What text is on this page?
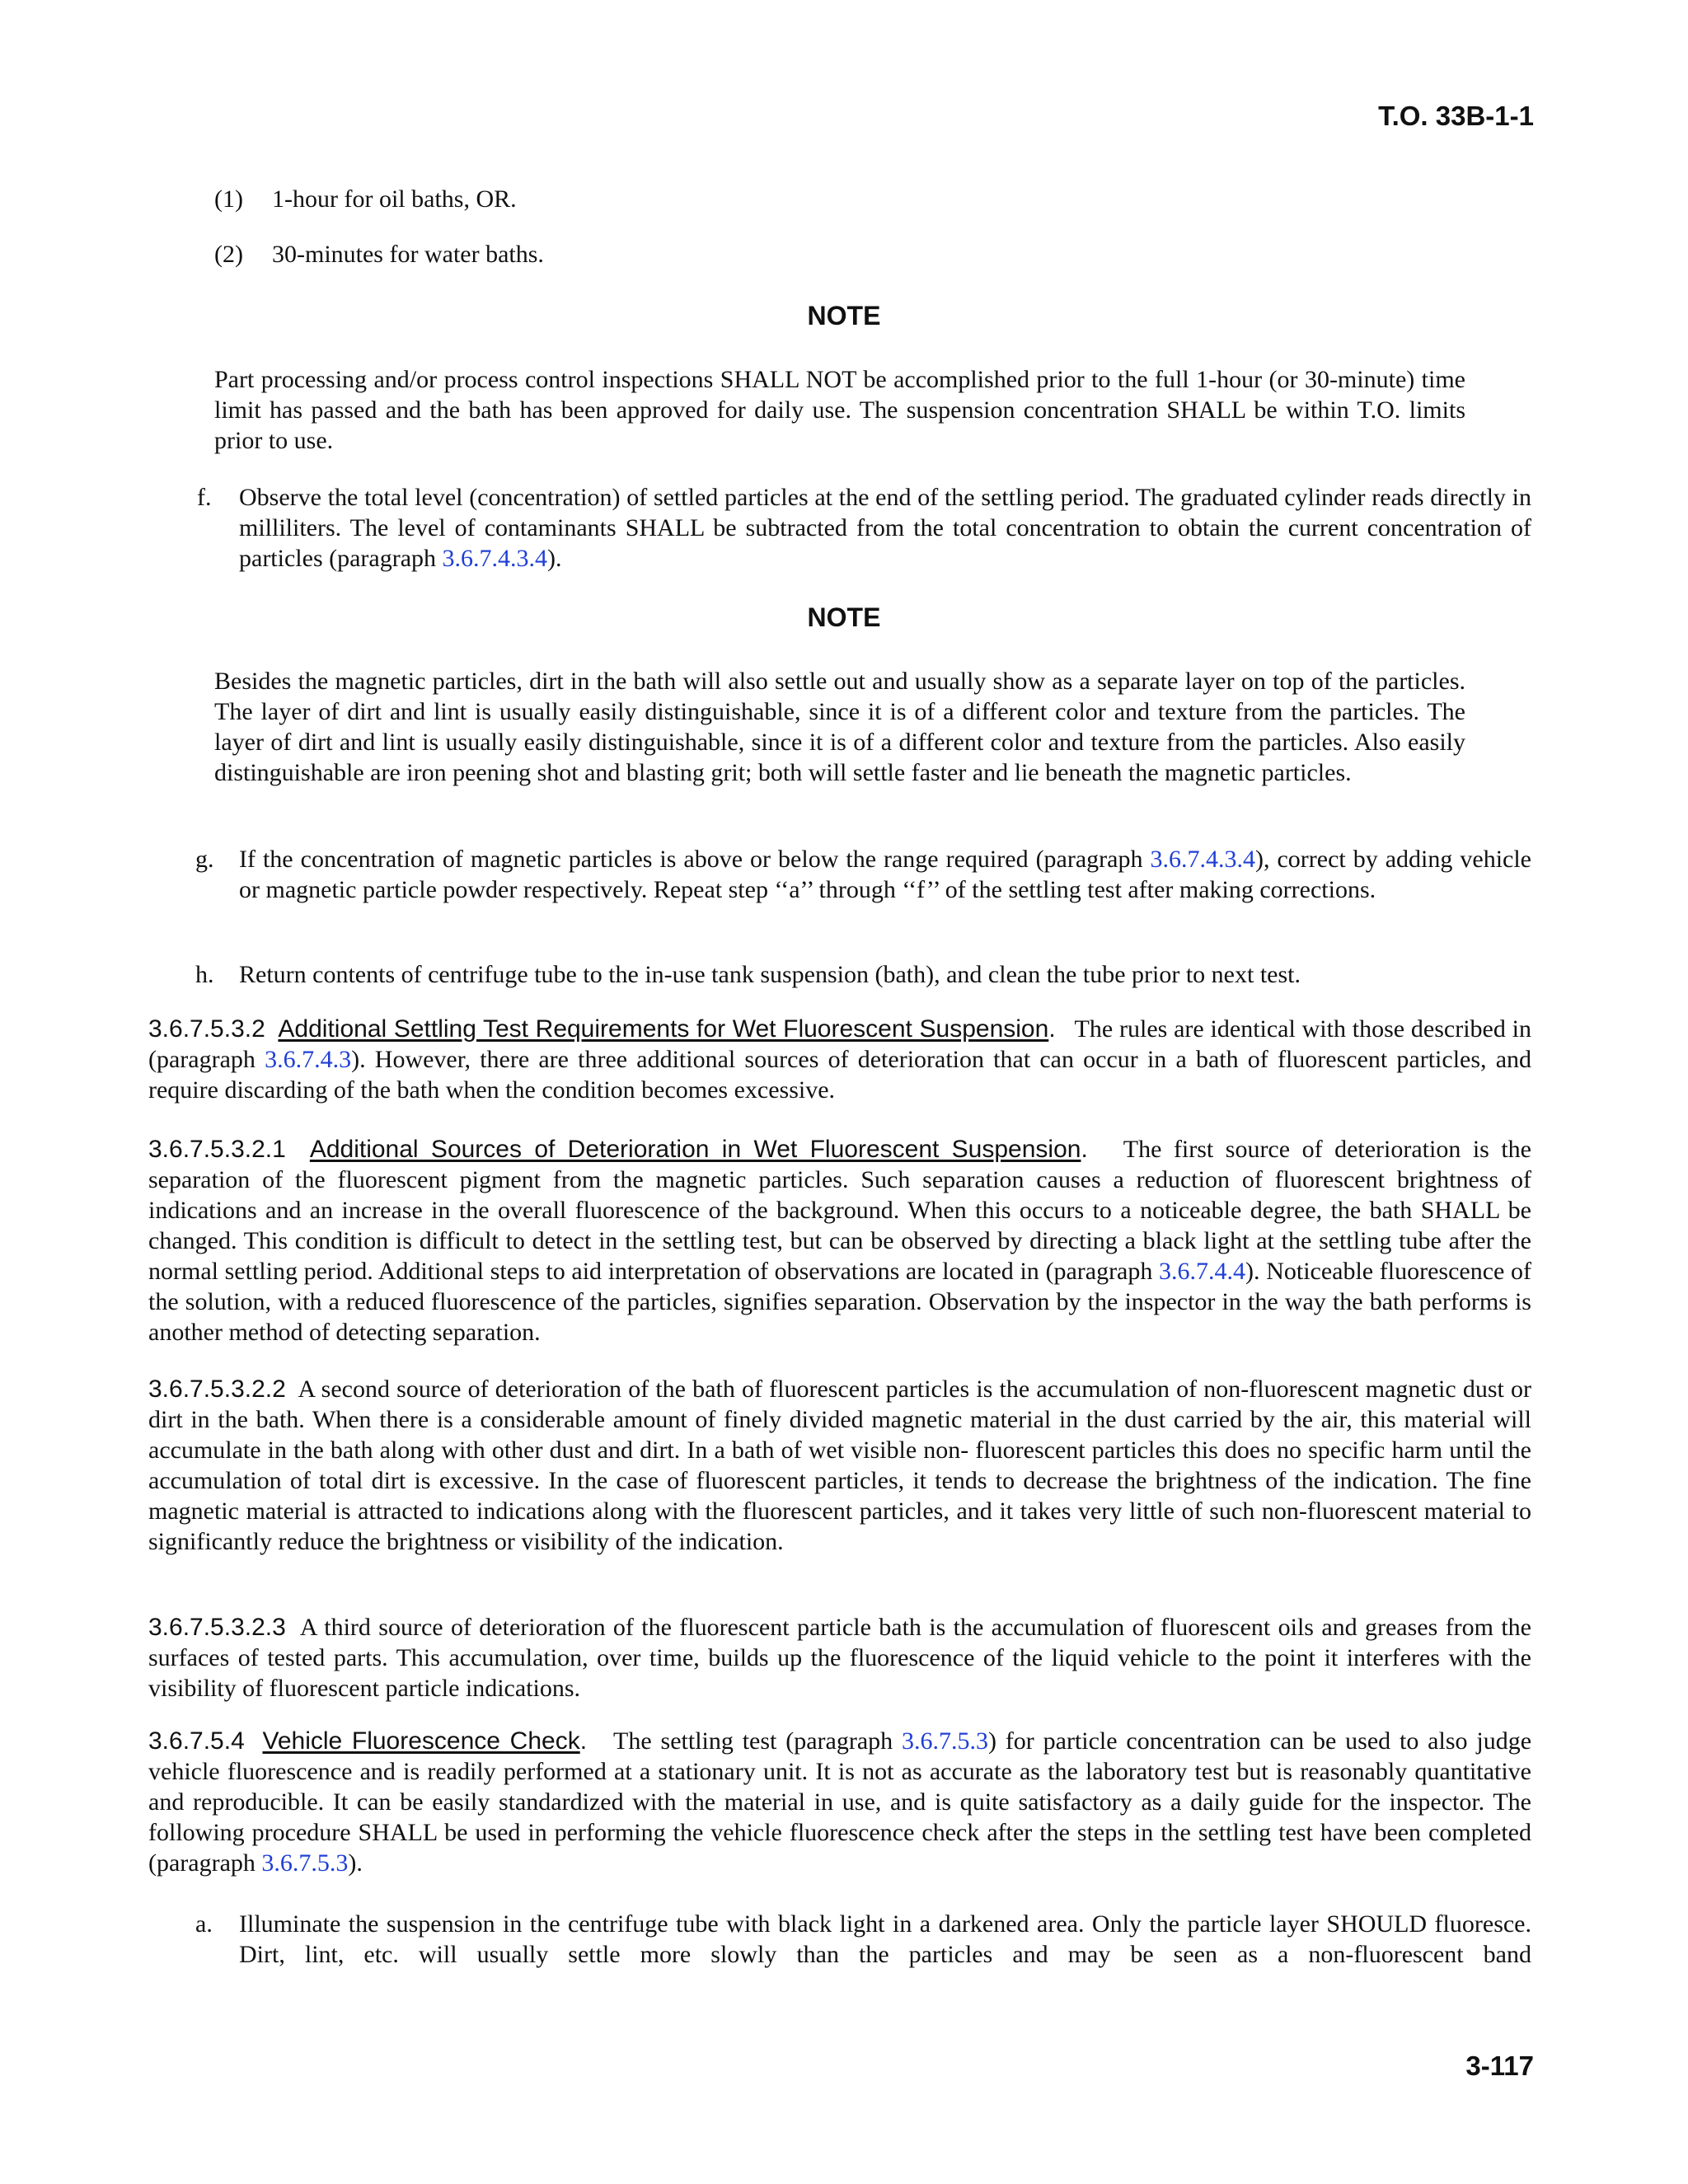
T.O. 33B-1-1
(1) 1-hour for oil baths, OR.
(2) 30-minutes for water baths.
NOTE

Part processing and/or process control inspections SHALL NOT be accomplished prior to the full 1-hour (or 30-minute) time limit has passed and the bath has been approved for daily use. The suspension concentration SHALL be within T.O. limits prior to use.

f. Observe the total level (concentration) of settled particles at the end of the settling period. The graduated cylinder reads directly in milliliters. The level of contaminants SHALL be subtracted from the total concentration to obtain the current concentration of particles (paragraph 3.6.7.4.3.4).

NOTE

Besides the magnetic particles, dirt in the bath will also settle out and usually show as a separate layer on top of the particles. The layer of dirt and lint is usually easily distinguishable, since it is of a different color and texture from the particles. The layer of dirt and lint is usually easily distinguishable, since it is of a different color and texture from the particles. Also easily distinguishable are iron peening shot and blasting grit; both will settle faster and lie beneath the magnetic particles.

g. If the concentration of magnetic particles is above or below the range required (paragraph 3.6.7.4.3.4), correct by adding vehicle or magnetic particle powder respectively. Repeat step ‘‘a’’ through ‘‘f’’ of the settling test after making corrections.

h. Return contents of centrifuge tube to the in-use tank suspension (bath), and clean the tube prior to next test.

3.6.7.5.3.2 Additional Settling Test Requirements for Wet Fluorescent Suspension. The rules are identical with those described in (paragraph 3.6.7.4.3). However, there are three additional sources of deterioration that can occur in a bath of fluorescent particles, and require discarding of the bath when the condition becomes excessive.

3.6.7.5.3.2.1 Additional Sources of Deterioration in Wet Fluorescent Suspension. The first source of deterioration is the separation of the fluorescent pigment from the magnetic particles. Such separation causes a reduction of fluorescent brightness of indications and an increase in the overall fluorescence of the background. When this occurs to a noticeable degree, the bath SHALL be changed. This condition is difficult to detect in the settling test, but can be observed by directing a black light at the settling tube after the normal settling period. Additional steps to aid interpretation of observations are located in (paragraph 3.6.7.4.4). Noticeable fluorescence of the solution, with a reduced fluorescence of the particles, signifies separation. Observation by the inspector in the way the bath performs is another method of detecting separation.

3.6.7.5.3.2.2 A second source of deterioration of the bath of fluorescent particles is the accumulation of non-fluorescent magnetic dust or dirt in the bath. When there is a considerable amount of finely divided magnetic material in the dust carried by the air, this material will accumulate in the bath along with other dust and dirt. In a bath of wet visible non- fluorescent particles this does no specific harm until the accumulation of total dirt is excessive. In the case of fluorescent particles, it tends to decrease the brightness of the indication. The fine magnetic material is attracted to indications along with the fluorescent particles, and it takes very little of such non-fluorescent material to significantly reduce the brightness or visibility of the indication.

3.6.7.5.3.2.3 A third source of deterioration of the fluorescent particle bath is the accumulation of fluorescent oils and greases from the surfaces of tested parts. This accumulation, over time, builds up the fluorescence of the liquid vehicle to the point it interferes with the visibility of fluorescent particle indications.

3.6.7.5.4 Vehicle Fluorescence Check. The settling test (paragraph 3.6.7.5.3) for particle concentration can be used to also judge vehicle fluorescence and is readily performed at a stationary unit. It is not as accurate as the laboratory test but is reasonably quantitative and reproducible. It can be easily standardized with the material in use, and is quite satisfactory as a daily guide for the inspector. The following procedure SHALL be used in performing the vehicle fluorescence check after the steps in the settling test have been completed (paragraph 3.6.7.5.3).

a. Illuminate the suspension in the centrifuge tube with black light in a darkened area. Only the particle layer SHOULD fluoresce. Dirt, lint, etc. will usually settle more slowly than the particles and may be seen as a non-fluorescent band

3-117
